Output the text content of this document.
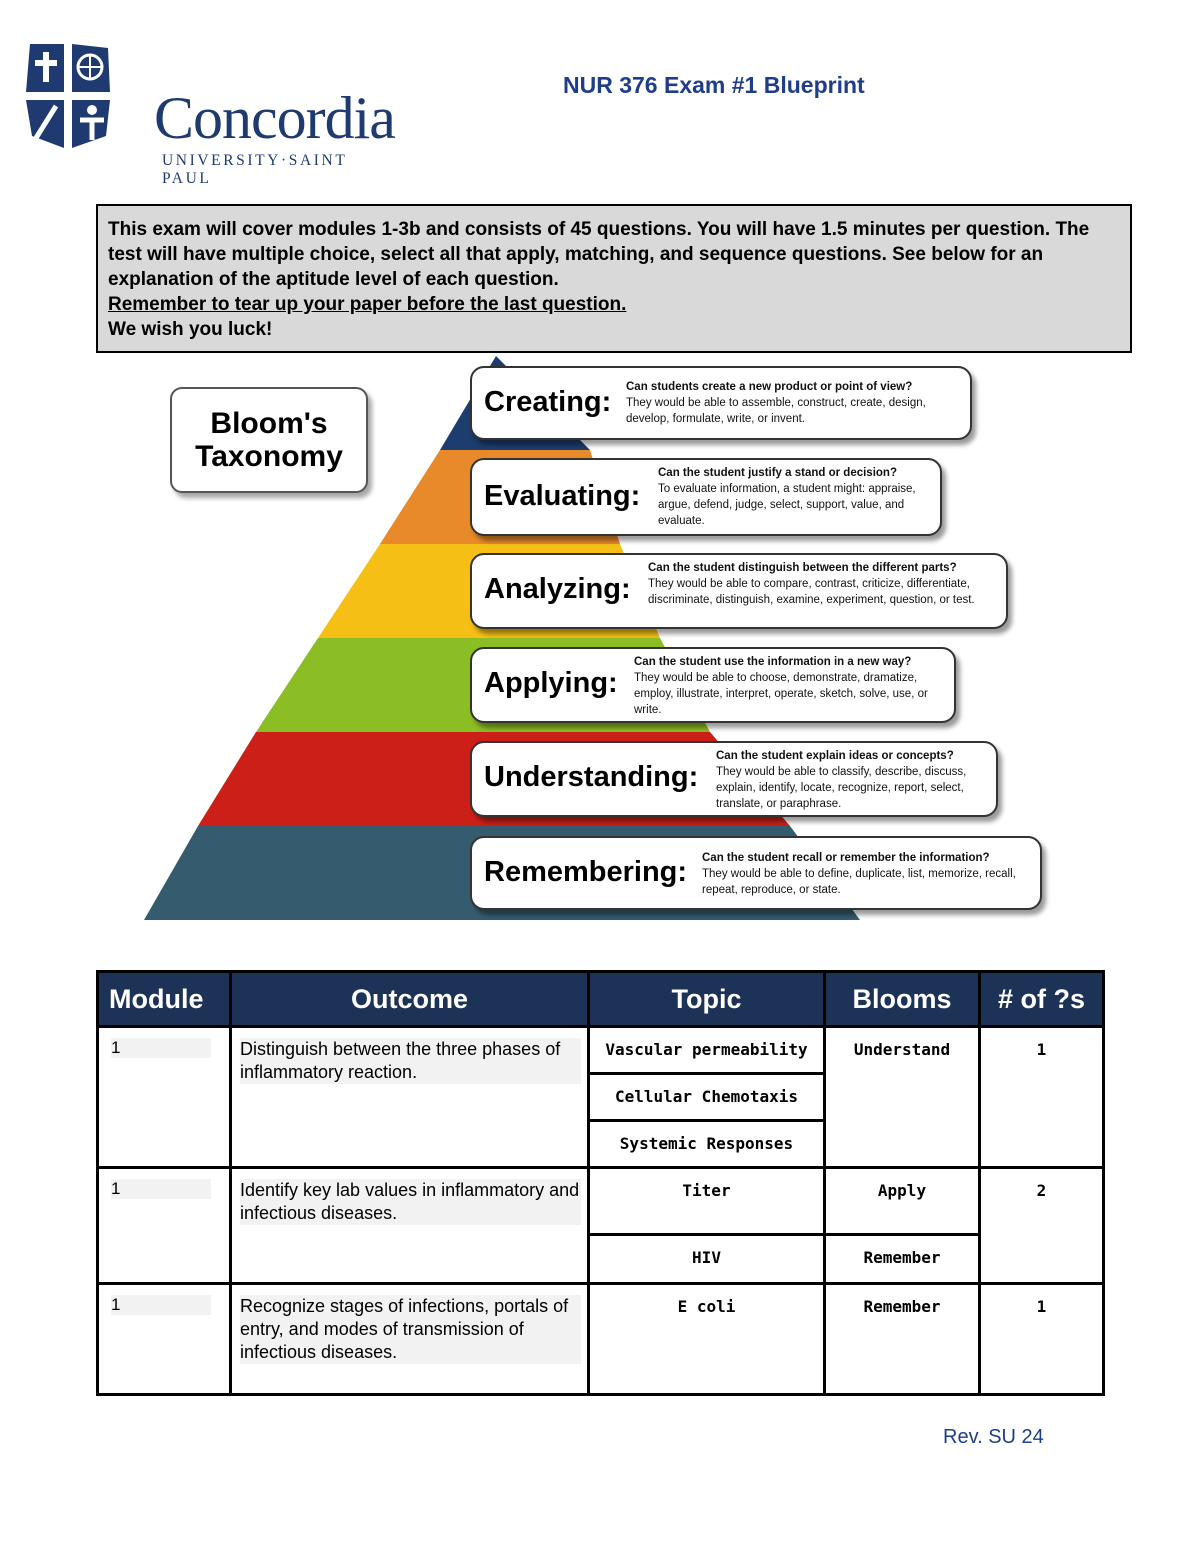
Concordia
UNIVERSITY·SAINT PAUL
NUR 376 Exam #1 Blueprint

This exam will cover modules 1-3b and consists of 45 questions. You will have 1.5 minutes per question. The test will have multiple choice, select all that apply, matching, and sequence questions. See below for an explanation of the aptitude level of each question.

Remember to tear up your paper before the last question.

We wish you luck!

Bloom's
Taxonomy
Creating: Can students create a new product or point of view?
They would be able to assemble, construct, create, design, develop, formulate, write, or invent.
Evaluating:
Can the student justify a stand or decision?
To evaluate information, a student might: appraise, argue, defend, judge, select, support, value, and evaluate.
Analyzing:
Can the student distinguish between the different parts?
They would be able to compare, contrast, criticize, differentiate, discriminate, distinguish, examine, experiment, question, or test.
Applying:
Can the student use the information in a new way?
They would be able to choose, demonstrate, dramatize, employ, illustrate, interpret, operate, sketch, solve, use, or write.
Understanding:
Can the student explain ideas or concepts?
They would be able to classify, describe, discuss, explain, identify, locate, recognize, report, select, translate, or paraphrase.
Remembering: Can the student recall or remember the information?
They would be able to define, duplicate, list, memorize, recall, repeat, reproduce, or state.
Module	Outcome	Topic	Blooms	# of ?s

1	Distinguish between the three phases of inflammatory reaction.	Vascular permeability	Understand	1
		Cellular Chemotaxis		
		Systemic Responses		

1	Identify key lab values in inflammatory and infectious diseases.	Titer	Apply	2
		HIV	Remember	

1	Recognize stages of infections, portals of entry, and modes of transmission of infectious diseases.	E coli	Remember	1
Rev. SU 24
